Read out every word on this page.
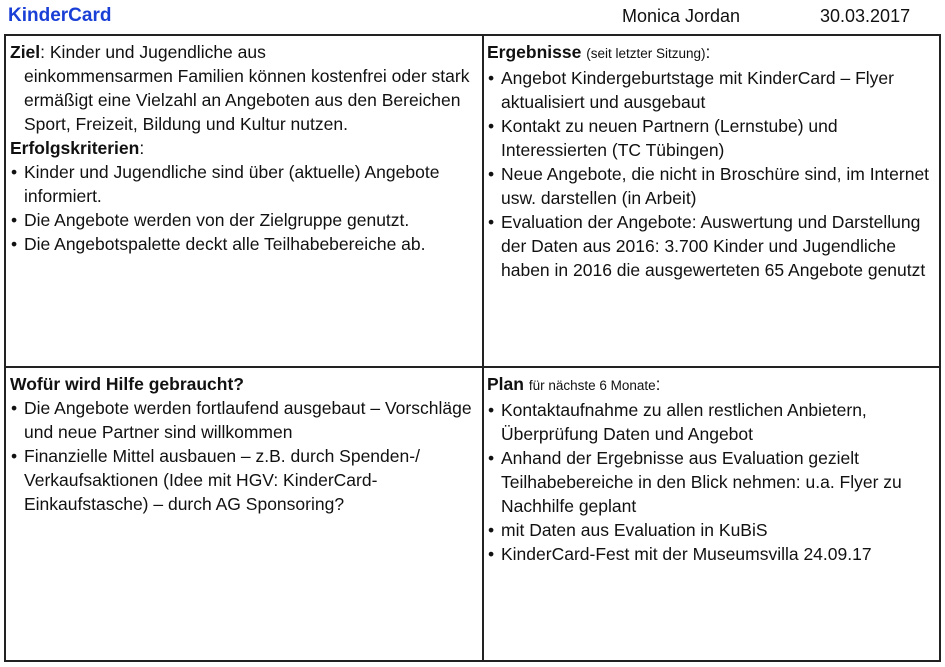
KinderCard	Monica Jordan	30.03.2017
Ziel: Kinder und Jugendliche aus
einkommensarmen Familien können kostenfrei oder stark ermäßigt eine Vielzahl an Angeboten aus den Bereichen Sport, Freizeit, Bildung und Kultur nutzen.
Erfolgskriterien:
• Kinder und Jugendliche sind über (aktuelle) Angebote informiert.
• Die Angebote werden von der Zielgruppe genutzt.
• Die Angebotspalette deckt alle Teilhabebereiche ab.
Ergebnisse (seit letzter Sitzung):
• Angebot Kindergeburtstage mit KinderCard – Flyer aktualisiert und ausgebaut
• Kontakt zu neuen Partnern (Lernstube) und Interessierten (TC Tübingen)
• Neue Angebote, die nicht in Broschüre sind, im Internet usw. darstellen (in Arbeit)
• Evaluation der Angebote: Auswertung und Darstellung der Daten aus 2016: 3.700 Kinder und Jugendliche haben in 2016 die ausgewerteten 65 Angebote genutzt
Wofür wird Hilfe gebraucht?
• Die Angebote werden fortlaufend ausgebaut – Vorschläge und neue Partner sind willkommen
• Finanzielle Mittel ausbauen – z.B. durch Spenden-/ Verkaufsaktionen (Idee mit HGV: KinderCard-Einkaufstasche) – durch AG Sponsoring?
Plan für nächste 6 Monate:
• Kontaktaufnahme zu allen restlichen Anbietern, Überprüfung Daten und Angebot
• Anhand der Ergebnisse aus Evaluation gezielt Teilhabebereiche in den Blick nehmen: u.a. Flyer zu Nachhilfe geplant
• mit Daten aus Evaluation in KuBiS
• KinderCard-Fest mit der Museumsvilla 24.09.17
